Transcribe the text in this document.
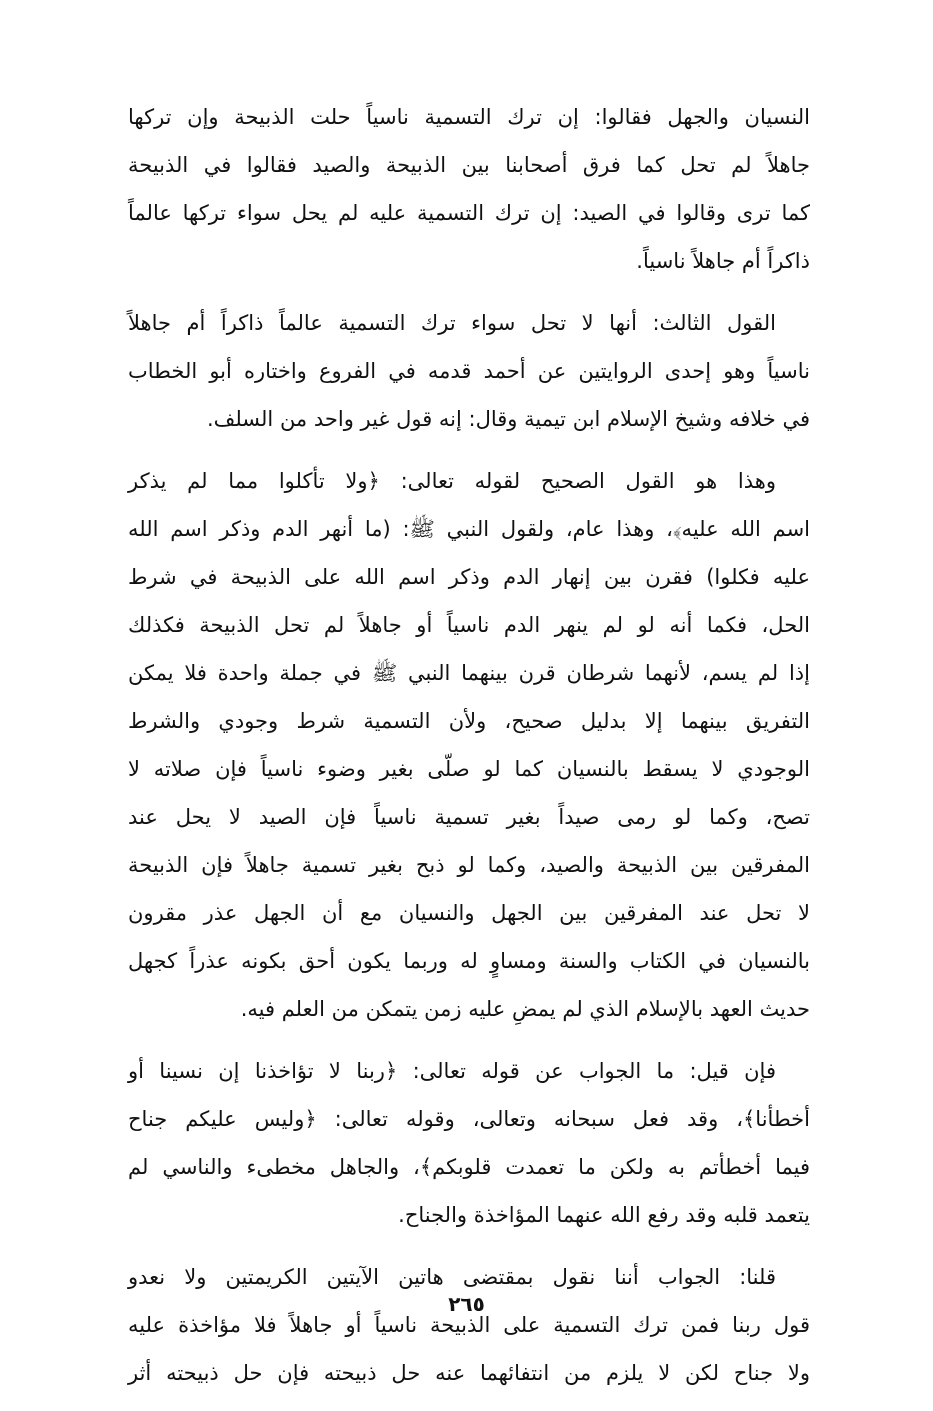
النسيان والجهل فقالوا: إن ترك التسمية ناسياً حلت الذبيحة وإن تركها
جاهلاً لم تحل كما فرق أصحابنا بين الذبيحة والصيد فقالوا في الذبيحة
كما ترى وقالوا في الصيد: إن ترك التسمية عليه لم يحل سواء تركها عالماً
ذاكراً أم جاهلاً ناسياً.
القول الثالث: أنها لا تحل سواء ترك التسمية عالماً ذاكراً أم جاهلاً
ناسياً وهو إحدى الروايتين عن أحمد قدمه في الفروع واختاره أبو الخطاب
في خلافه وشيخ الإسلام ابن تيمية وقال: إنه قول غير واحد من السلف.
وهذا هو القول الصحيح لقوله تعالى: ﴿ولا تأكلوا مما لم يذكر
اسم الله عليه﴾، وهذا عام، ولقول النبي ﷺ: (ما أنهر الدم وذكر اسم الله
عليه فكلوا) فقرن بين إنهار الدم وذكر اسم الله على الذبيحة في شرط
الحل، فكما أنه لو لم ينهر الدم ناسياً أو جاهلاً لم تحل الذبيحة فكذلك
إذا لم يسم، لأنهما شرطان قرن بينهما النبي ﷺ في جملة واحدة فلا يمكن
التفريق بينهما إلا بدليل صحيح، ولأن التسمية شرط وجودي والشرط
الوجودي لا يسقط بالنسيان كما لو صلّى بغير وضوء ناسياً فإن صلاته لا
تصح، وكما لو رمى صيداً بغير تسمية ناسياً فإن الصيد لا يحل عند
المفرقين بين الذبيحة والصيد، وكما لو ذبح بغير تسمية جاهلاً فإن الذبيحة
لا تحل عند المفرقين بين الجهل والنسيان مع أن الجهل عذر مقرون
بالنسيان في الكتاب والسنة ومساوٍ له وربما يكون أحق بكونه عذراً كجهل
حديث العهد بالإسلام الذي لم يمضِ عليه زمن يتمكن من العلم فيه.
فإن قيل: ما الجواب عن قوله تعالى: ﴿ربنا لا تؤاخذنا إن نسينا أو
أخطأنا﴾، وقد فعل سبحانه وتعالى، وقوله تعالى: ﴿وليس عليكم جناح
فيما أخطأتم به ولكن ما تعمدت قلوبكم﴾، والجاهل مخطىء والناسي لم
يتعمد قلبه وقد رفع الله عنهما المؤاخذة والجناح.
قلنا: الجواب أننا نقول بمقتضى هاتين الآيتين الكريمتين ولا نعدو
قول ربنا فمن ترك التسمية على الذبيحة ناسياً أو جاهلاً فلا مؤاخذة عليه
ولا جناح لكن لا يلزم من انتفائهما عنه حل ذبيحته فإن حل ذبيحته أثر
٢٦٥
